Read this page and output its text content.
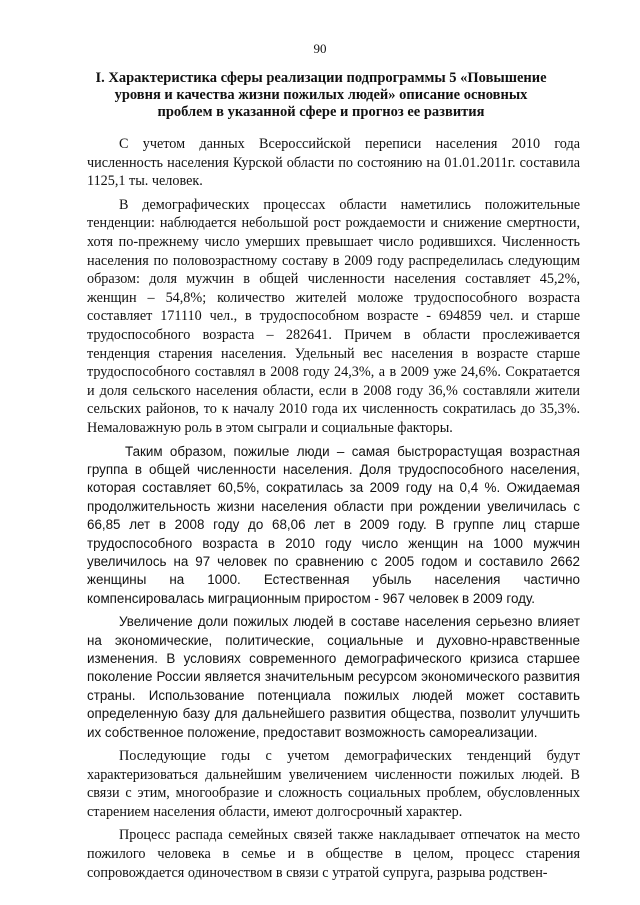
90
I. Характеристика сферы реализации подпрограммы 5 «Повышение уровня и качества жизни пожилых людей» описание основных проблем в указанной сфере и прогноз ее развития

С учетом данных Всероссийской переписи населения 2010 года численность населения Курской области по состоянию на 01.01.2011г. составила 1125,1 ты. человек.

В демографических процессах области наметились положительные тенденции: наблюдается небольшой рост рождаемости и снижение смертности, хотя по-прежнему число умерших превышает число родившихся. Численность населения по половозрастному составу в 2009 году распределилась следующим образом: доля мужчин в общей численности населения составляет 45,2%, женщин – 54,8%; количество жителей моложе трудоспособного возраста составляет 171110 чел., в трудоспособном возрасте - 694859 чел. и старше трудоспособного возраста – 282641. Причем в области прослеживается тенденция старения населения. Удельный вес населения в возрасте старше трудоспособного составлял в 2008 году 24,3%, а в 2009 уже 24,6%. Сократается и доля сельского населения области, если в 2008 году 36,% составляли жители сельских районов, то к началу 2010 года их численность сократилась до 35,3%. Немаловажную роль в этом сыграли и социальные факторы.

Таким образом, пожилые люди – самая быстрорастущая возрастная группа в общей численности населения. Доля трудоспособного населения, которая составляет 60,5%, сократилась за 2009 году на 0,4 %. Ожидаемая продолжительность жизни населения области при рождении увеличилась с 66,85 лет в 2008 году до 68,06 лет в 2009 году. В группе лиц старше трудоспособного возраста в 2010 году число женщин на 1000 мужчин увеличилось на 97 человек по сравнению с 2005 годом и составило 2662 женщины на 1000. Естественная убыль населения частично компенсировалась миграционным приростом - 967 человек в 2009 году.

Увеличение доли пожилых людей в составе населения серьезно влияет на экономические, политические, социальные и духовно-нравственные изменения. В условиях современного демографического кризиса старшее поколение России является значительным ресурсом экономического развития страны. Использование потенциала пожилых людей может составить определенную базу для дальнейшего развития общества, позволит улучшить их собственное положение, предоставит возможность самореализации.

Последующие годы с учетом демографических тенденций будут характеризоваться дальнейшим увеличением численности пожилых людей. В связи с этим, многообразие и сложность социальных проблем, обусловленных старением населения области, имеют долгосрочный характер.

Процесс распада семейных связей также накладывает отпечаток на место пожилого человека в семье и в обществе в целом, процесс старения сопровождается одиночеством в связи с утратой супруга, разрыва родствен-
